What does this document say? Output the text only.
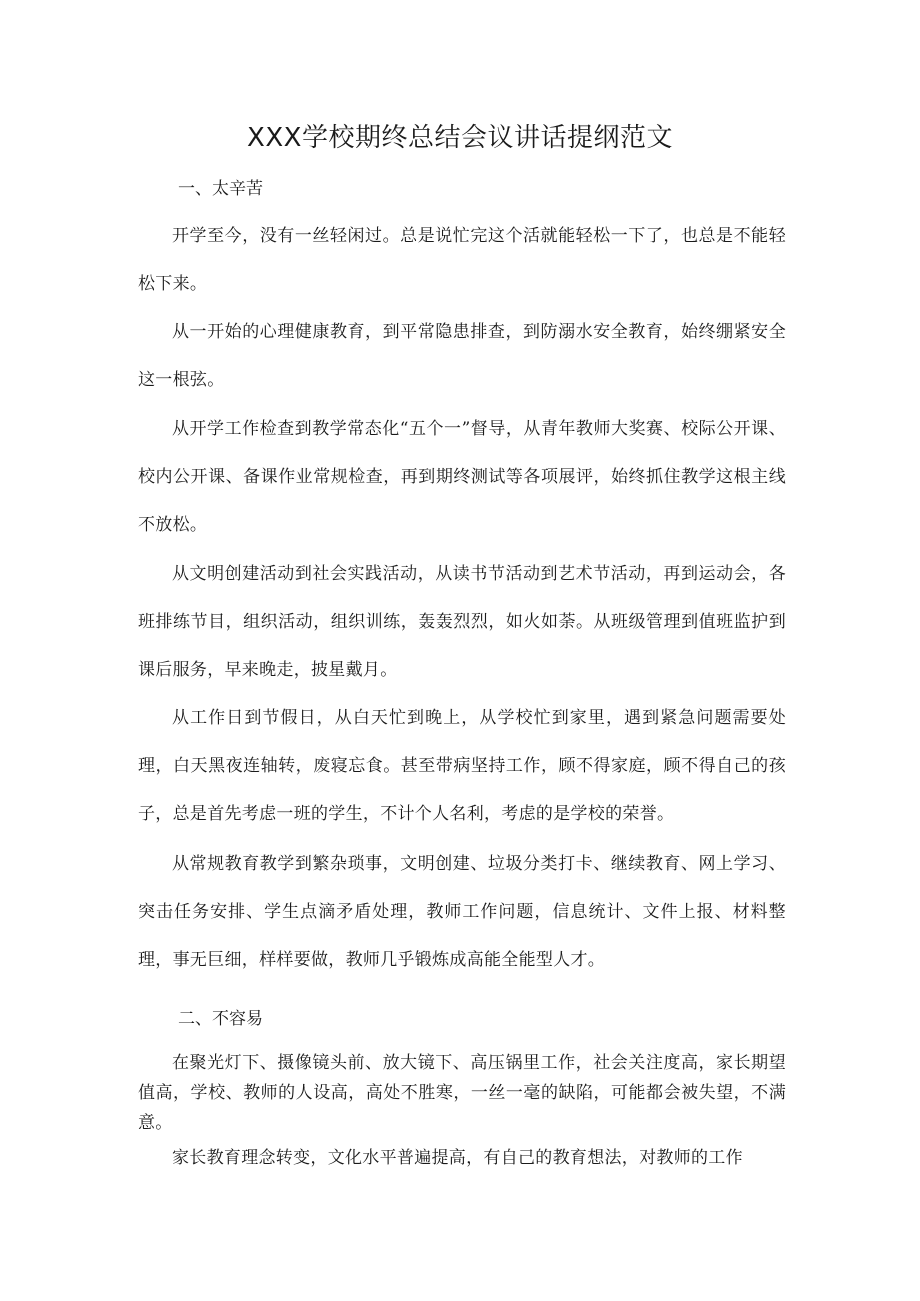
XXX学校期终总结会议讲话提纲范文

一、太辛苦

开学至今，没有一丝轻闲过。总是说忙完这个活就能轻松一下了，也总是不能轻松下来。

从一开始的心理健康教育，到平常隐患排查，到防溺水安全教育，始终绷紧安全这一根弦。

从开学工作检查到教学常态化“五个一”督导，从青年教师大奖赛、校际公开课、校内公开课、备课作业常规检查，再到期终测试等各项展评，始终抓住教学这根主线不放松。

从文明创建活动到社会实践活动，从读书节活动到艺术节活动，再到运动会，各班排练节目，组织活动，组织训练，轰轰烈烈，如火如荼。从班级管理到值班监护到课后服务，早来晚走，披星戴月。

从工作日到节假日，从白天忙到晚上，从学校忙到家里，遇到紧急问题需要处理，白天黑夜连轴转，废寝忘食。甚至带病坚持工作，顾不得家庭，顾不得自己的孩子，总是首先考虑一班的学生，不计个人名利，考虑的是学校的荣誉。

从常规教育教学到繁杂琐事，文明创建、垃圾分类打卡、继续教育、网上学习、突击任务安排、学生点滴矛盾处理，教师工作问题，信息统计、文件上报、材料整理，事无巨细，样样要做，教师几乎锻炼成高能全能型人才。

二、不容易

在聚光灯下、摄像镜头前、放大镜下、高压锅里工作，社会关注度高，家长期望值高，学校、教师的人设高，高处不胜寒，一丝一毫的缺陷，可能都会被失望，不满意。

家长教育理念转变，文化水平普遍提高，有自己的教育想法，对教师的工作
